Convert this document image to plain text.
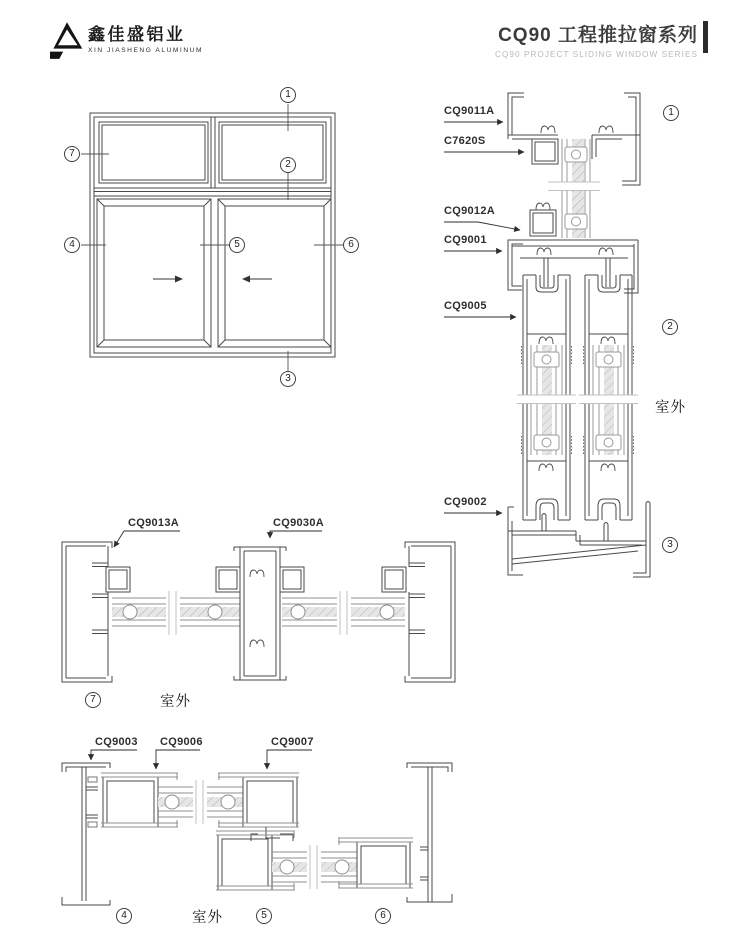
鑫佳盛铝业
XIN JIASHENG ALUMINUM
CQ90 工程推拉窗系列
CQ90 PROJECT SLIDING WINDOW SERIES
CQ9011A
C7620S
CQ9012A
CQ9001
CQ9005
CQ9002
CQ9013A	CQ9030A
CQ9003 CQ9006	CQ9007
室外
室外
室外
1
2
3
4	5	6
7
1
2
3
7
4	5	6
